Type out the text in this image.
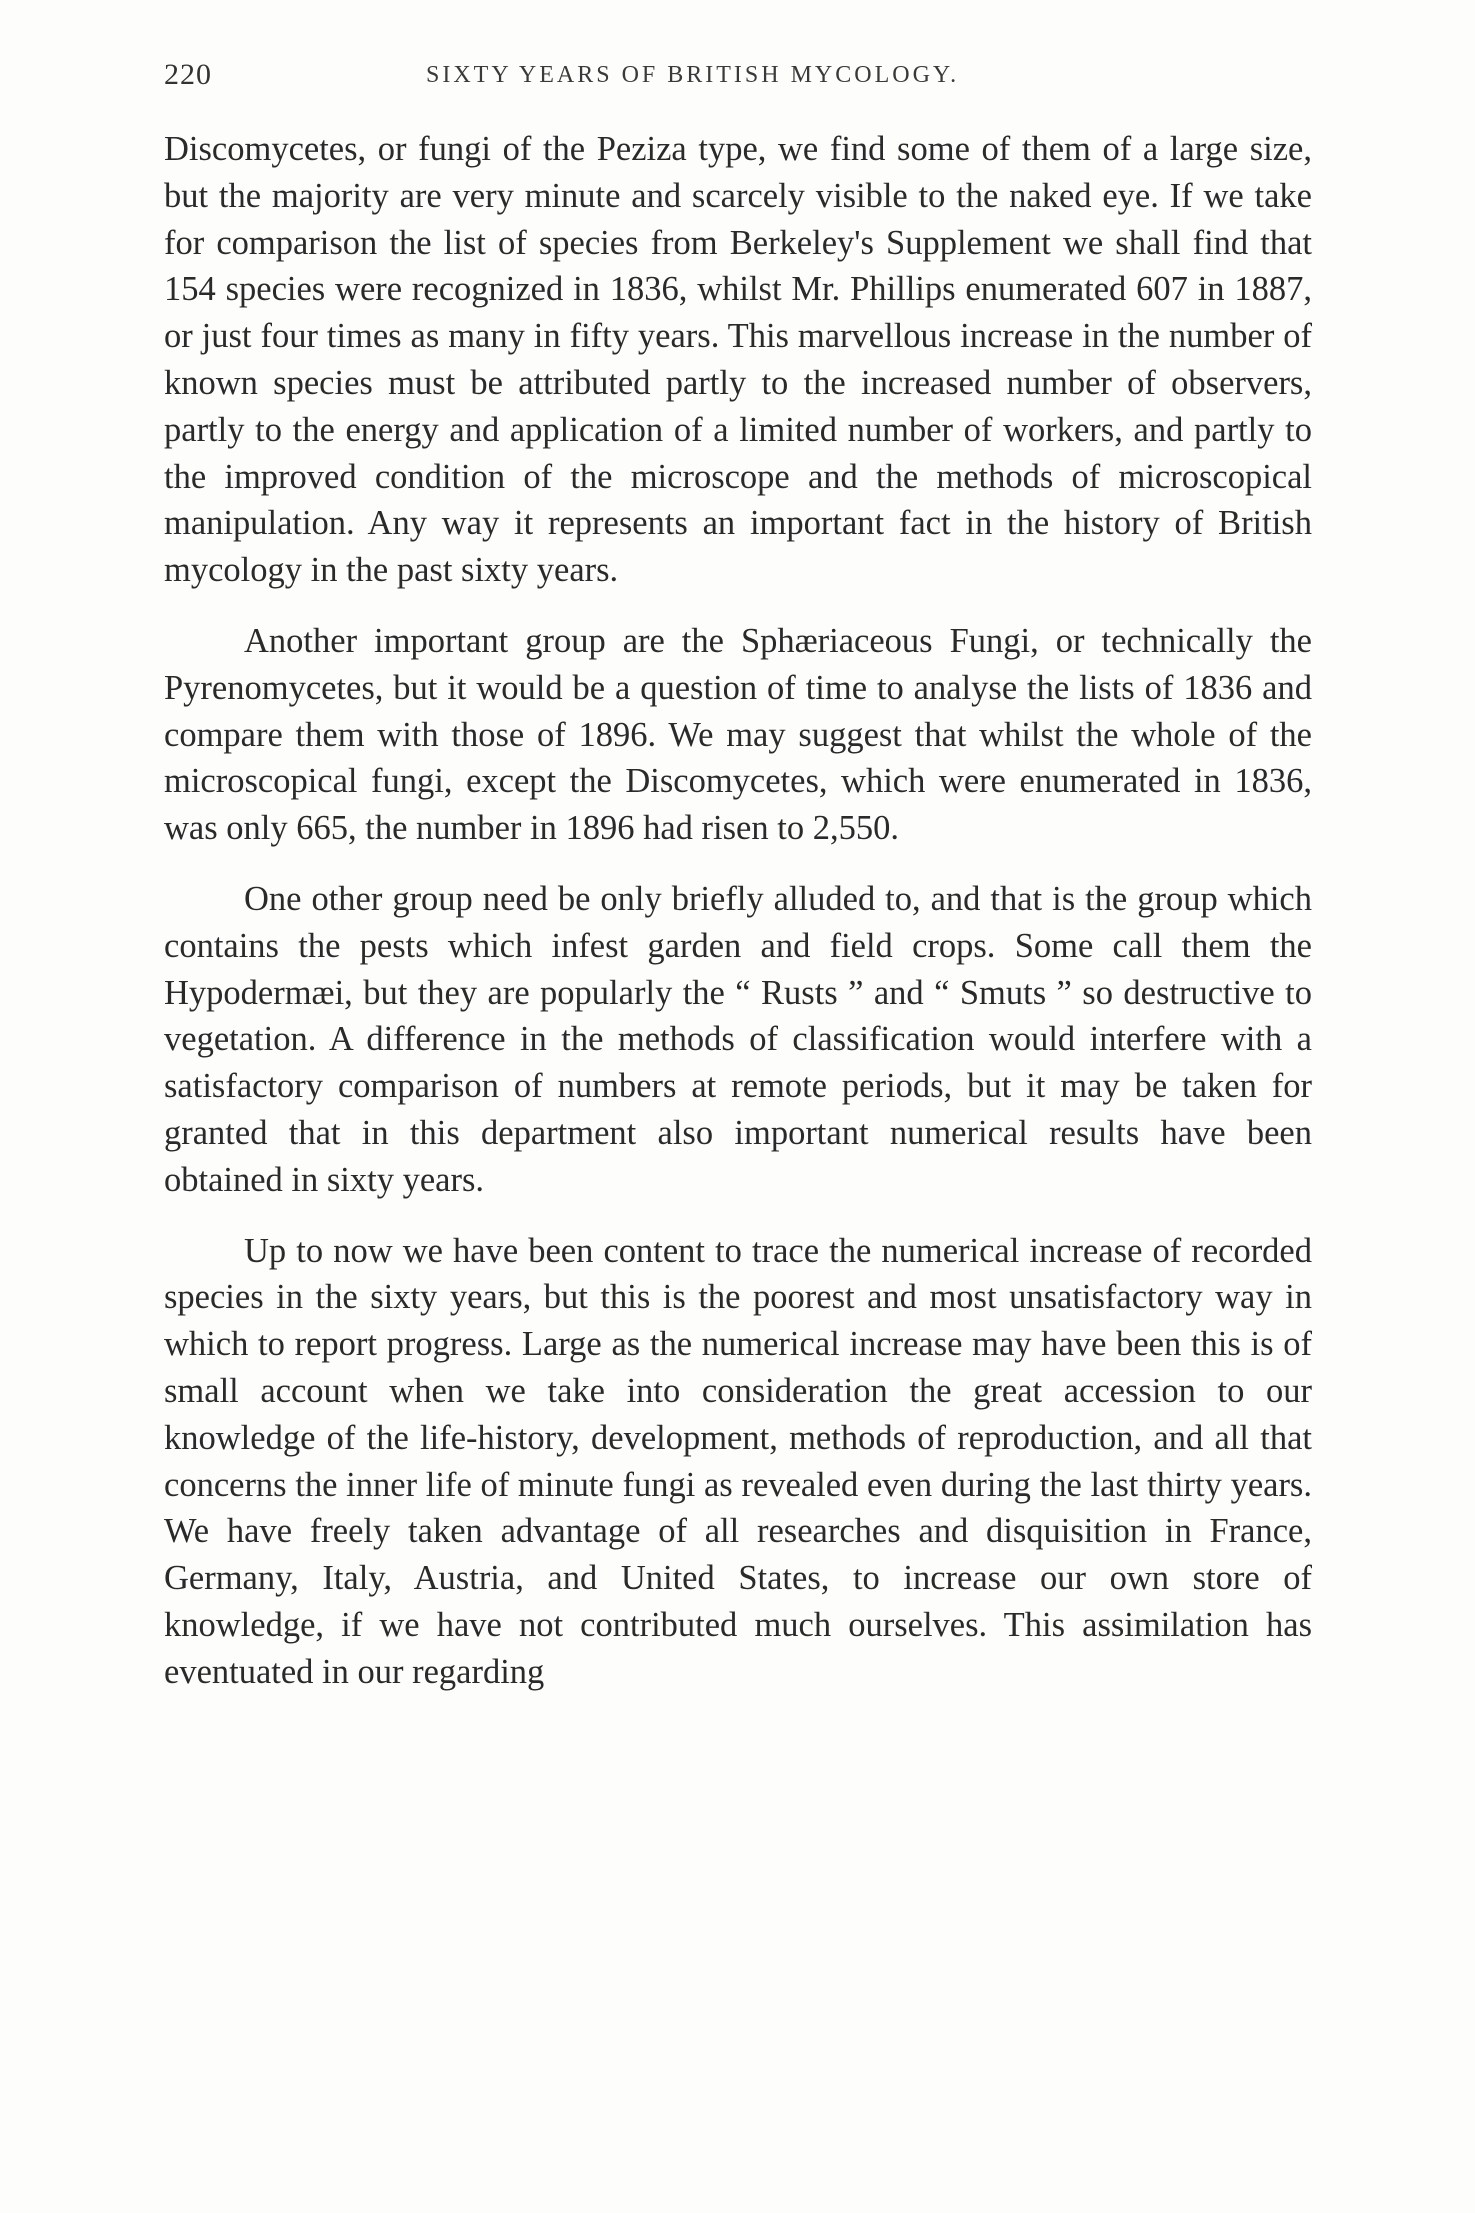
220	SIXTY YEARS OF BRITISH MYCOLOGY.

Discomycetes, or fungi of the Peziza type, we find some of them of a large size, but the majority are very minute and scarcely visible to the naked eye. If we take for comparison the list of species from Berkeley's Supplement we shall find that 154 species were recognized in 1836, whilst Mr. Phillips enumerated 607 in 1887, or just four times as many in fifty years. This marvellous increase in the number of known species must be attributed partly to the increased number of observers, partly to the energy and application of a limited number of workers, and partly to the improved condition of the microscope and the methods of microscopical manipulation. Any way it represents an important fact in the history of British mycology in the past sixty years.

Another important group are the Sphæriaceous Fungi, or technically the Pyrenomycetes, but it would be a question of time to analyse the lists of 1836 and compare them with those of 1896. We may suggest that whilst the whole of the microscopical fungi, except the Discomycetes, which were enumerated in 1836, was only 665, the number in 1896 had risen to 2,550.

One other group need be only briefly alluded to, and that is the group which contains the pests which infest garden and field crops. Some call them the Hypodermæi, but they are popularly the “ Rusts ” and “ Smuts ” so destructive to vegetation. A difference in the methods of classification would interfere with a satisfactory comparison of numbers at remote periods, but it may be taken for granted that in this department also important numerical results have been obtained in sixty years.

Up to now we have been content to trace the numerical increase of recorded species in the sixty years, but this is the poorest and most unsatisfactory way in which to report progress. Large as the numerical increase may have been this is of small account when we take into consideration the great accession to our knowledge of the life-history, development, methods of reproduction, and all that concerns the inner life of minute fungi as revealed even during the last thirty years. We have freely taken advantage of all researches and disquisition in France, Germany, Italy, Austria, and United States, to increase our own store of knowledge, if we have not contributed much ourselves. This assimilation has eventuated in our regarding
